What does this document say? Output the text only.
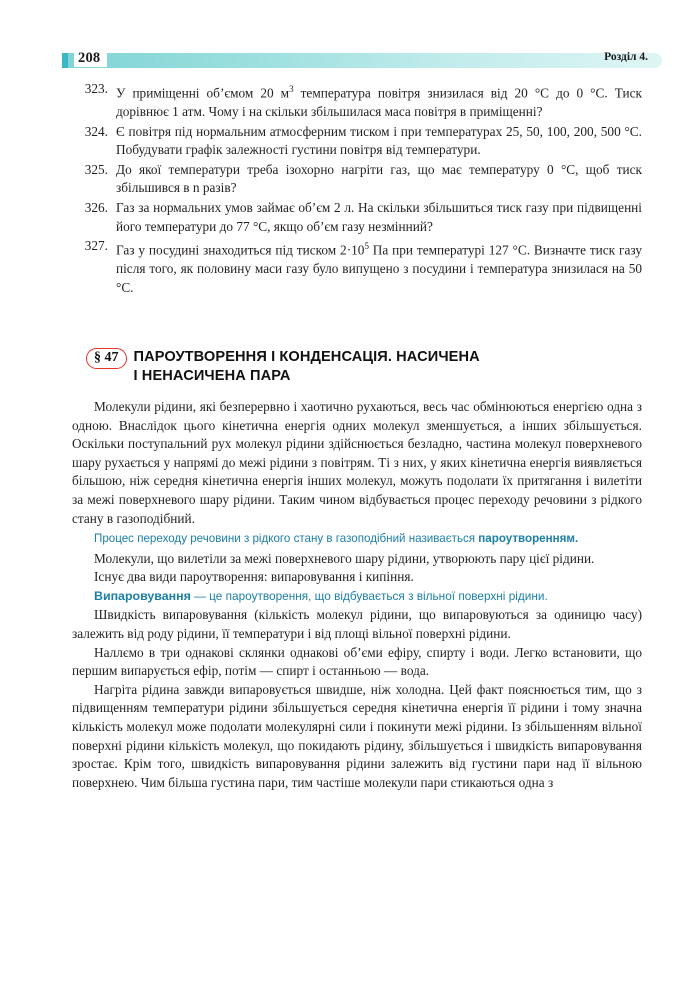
208	Розділ 4.
323. У приміщенні об’ємом 20 $м^3$ температура повітря знизилася від 20 °C до 0 °C. Тиск дорівнює 1 атм. Чому і на скільки збільшилася маса повітря в приміщенні?
324. Є повітря під нормальним атмосферним тиском і при температурах 25, 50, 100, 200, 500 °C. Побудувати графік залежності густини повітря від температури.
325. До якої температури треба ізохорно нагріти газ, що має температуру 0 °C, щоб тиск збільшився в n разів?
326. Газ за нормальних умов займає об’єм 2 л. На скільки збільшиться тиск газу при підвищенні його температури до 77 °C, якщо об’єм газу незмінний?
327. Газ у посудині знаходиться під тиском $2\cdot 10^5$ Па при температурі 127 °C. Визначте тиск газу після того, як половину маси газу було випущено з посудини і температура знизилася на 50 °C.
§ 47	ПАРОУТВОРЕННЯ І КОНДЕНСАЦІЯ. НАСИЧЕНА
І НЕНАСИЧЕНА ПАРА

Молекули рідини, які безперервно і хаотично рухаються, весь час обмінюються енергією одна з одною. Внаслідок цього кінетична енергія одних молекул зменшується, а інших збільшується. Оскільки поступальний рух молекул рідини здійснюється безладно, частина молекул поверхневого шару рухається у напрямі до межі рідини з повітрям. Ті з них, у яких кінетична енергія виявляється більшою, ніж середня кінетична енергія інших молекул, можуть подолати їх притягання і вилетіти за межі поверхневого шару рідини. Таким чином відбувається процес переходу речовини з рідкого стану в газоподібний.

Процес переходу речовини з рідкого стану в газоподібний називається пароутворенням.

Молекули, що вилетіли за межі поверхневого шару рідини, утворюють пару цієї рідини.

Існує два види пароутворення: випаровування і кипіння.

Випаровування — це пароутворення, що відбувається з вільної поверхні рідини.

Швидкість випаровування (кількість молекул рідини, що випаровуються за одиницю часу) залежить від роду рідини, її температури і від площі вільної поверхні рідини.

Наллємо в три однакові склянки однакові об’єми ефіру, спирту і води. Легко встановити, що першим випарується ефір, потім — спирт і останньою — вода.

Нагріта рідина завжди випаровується швидше, ніж холодна. Цей факт пояснюється тим, що з підвищенням температури рідини збільшується середня кінетична енергія її рідини і тому значна кількість молекул може подолати молекулярні сили і покинути межі рідини. Із збільшенням вільної поверхні рідини кількість молекул, що покидають рідину, збільшується і швидкість випаровування зростає. Крім того, швидкість випаровування рідини залежить від густини пари над її вільною поверхнею. Чим більша густина пари, тим частіше молекули пари стикаються одна з
